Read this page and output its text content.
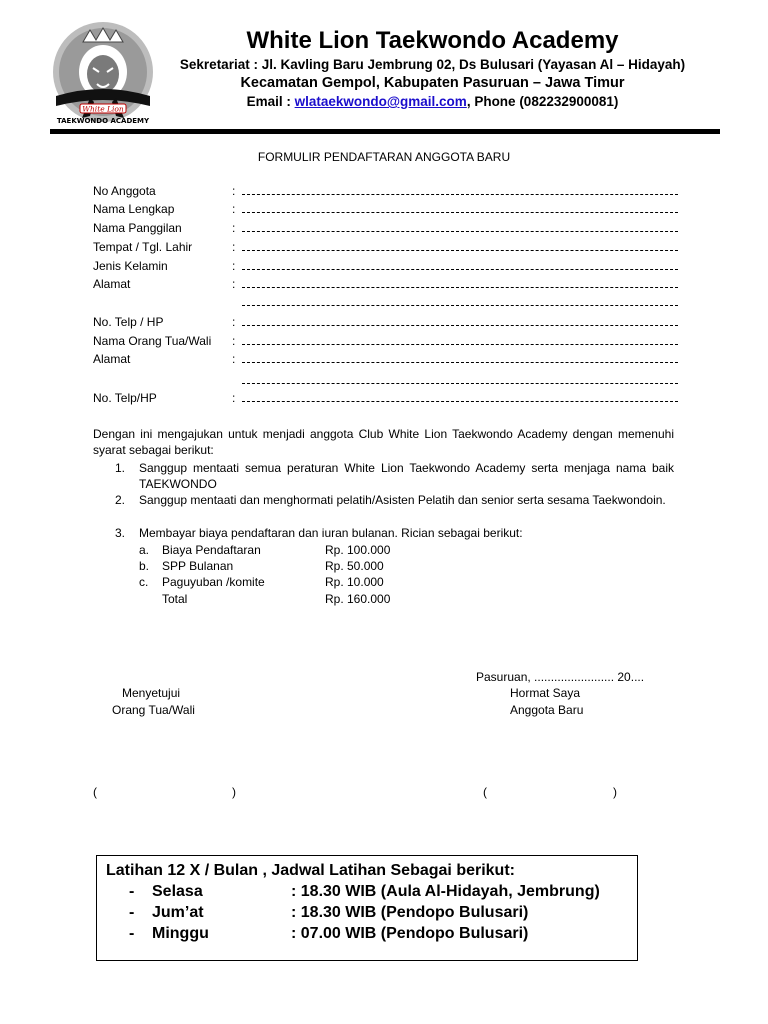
White Lion
TAEKWONDO ACADEMY
White Lion Taekwondo Academy
Sekretariat : Jl. Kavling Baru Jembrung 02, Ds Bulusari (Yayasan Al – Hidayah)
Kecamatan Gempol, Kabupaten Pasuruan – Jawa Timur
Email : wlataekwondo@gmail.com, Phone (082232900081)
FORMULIR PENDAFTARAN ANGGOTA BARU
No Anggota	:
Nama Lengkap	:
Nama Panggilan	:
Tempat / Tgl. Lahir	:
Jenis Kelamin	:
Alamat	:
No. Telp / HP	:
Nama Orang Tua/Wali :
Alamat	:
No. Telp/HP	:
Dengan ini mengajukan untuk menjadi anggota Club White Lion Taekwondo Academy dengan memenuhi syarat sebagai berikut:
1. Sanggup mentaati semua peraturan White Lion Taekwondo Academy serta menjaga nama baik TAEKWONDO
2. Sanggup mentaati dan menghormati pelatih/Asisten Pelatih dan senior serta sesama Taekwondoin.
3. Membayar biaya pendaftaran dan iuran bulanan. Rician sebagai berikut:
a. Biaya Pendaftaran	Rp. 100.000
b. SPP Bulanan	Rp. 50.000
c. Paguyuban /komite	Rp. 10.000
Total	Rp. 160.000
Pasuruan, ........................ 20....
Menyetujui
Orang Tua/Wali
Hormat Saya
Anggota Baru
(	)	(	)
Latihan 12 X / Bulan , Jadwal Latihan Sebagai berikut:
- Selasa	: 18.30 WIB (Aula Al-Hidayah, Jembrung)
- Jum’at	: 18.30 WIB (Pendopo Bulusari)
- Minggu	: 07.00 WIB (Pendopo Bulusari)
